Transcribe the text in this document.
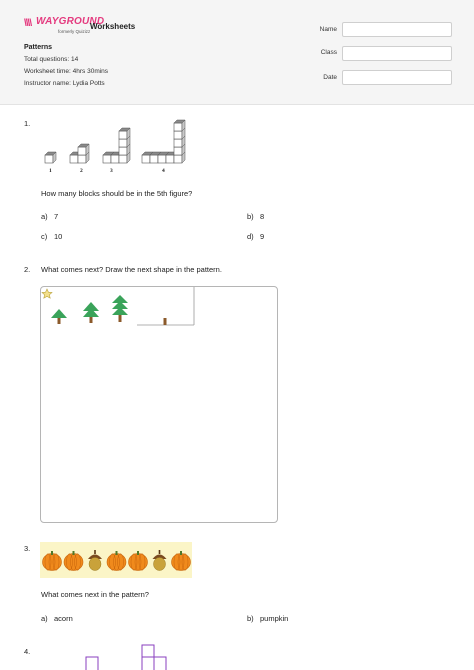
\\\\ WAYGROUND
formerly Quizizz
Worksheets
Patterns
Total questions: 14
Worksheet time: 4hrs 30mins
Instructor name: Lydia Potts
Name
Class
Date
1.
1	2	3	4
How many blocks should be in the 5th figure?
a) 7	b) 8
c) 10	d) 9
2. What comes next? Draw the next shape in the pattern.
3.
What comes next in the pattern?
a) acorn	b) pumpkin
4.
